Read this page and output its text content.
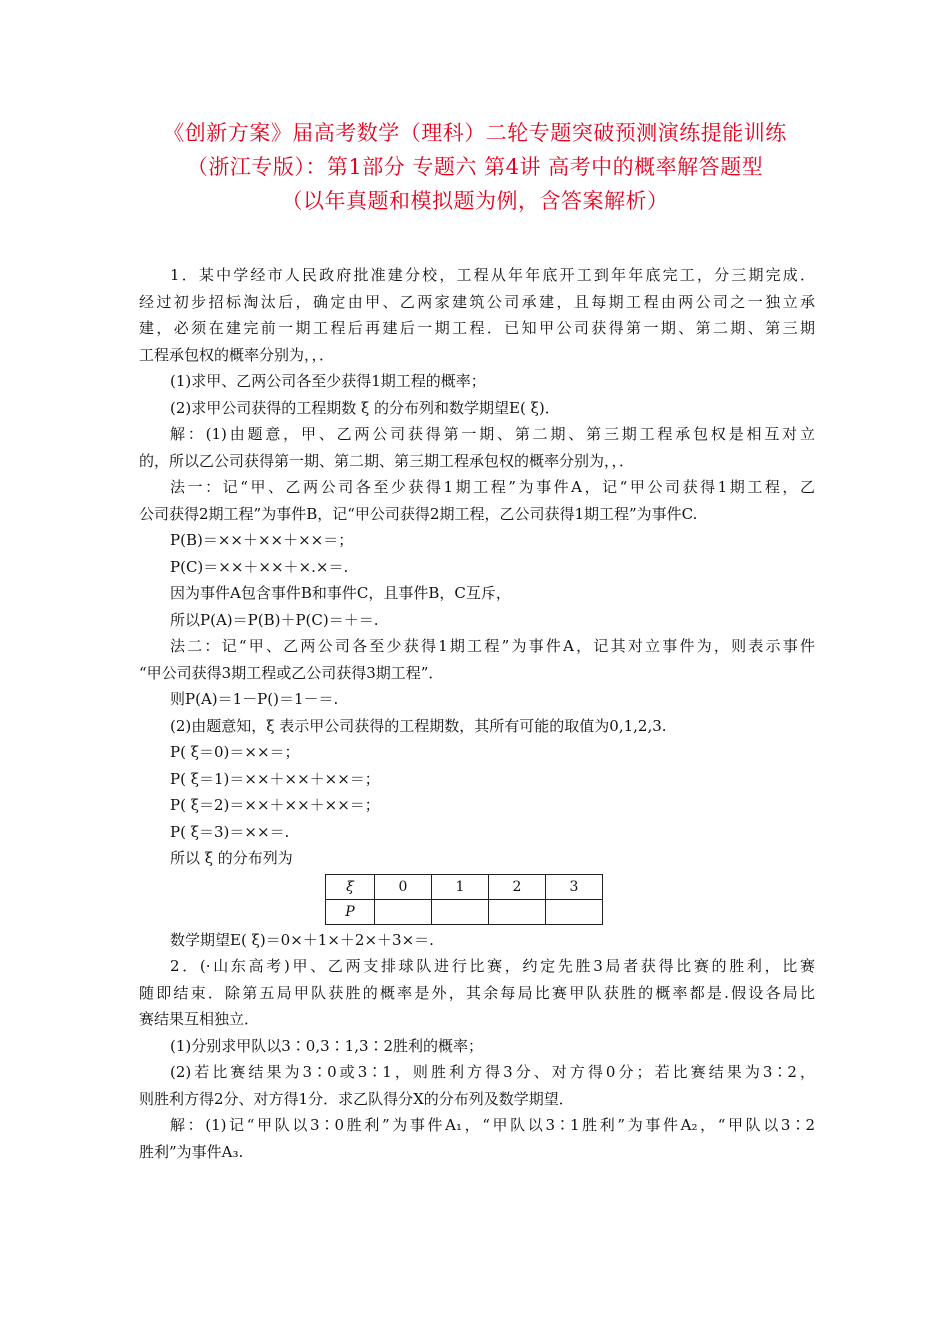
《创新方案》届高考数学（理科）二轮专题突破预测演练提能训练
（浙江专版）：第1部分 专题六 第4讲 高考中的概率解答题型
（以年真题和模拟题为例，含答案解析）

1．某中学经市人民政府批准建分校，工程从年年底开工到年年底完工，分三期完成．

经过初步招标淘汰后，确定由甲、乙两家建筑公司承建，且每期工程由两公司之一独立承

建，必须在建完前一期工程后再建后一期工程．已知甲公司获得第一期、第二期、第三期

工程承包权的概率分别为，，．

(1)求甲、乙两公司各至少获得1期工程的概率；

(2)求甲公司获得的工程期数 ξ 的分布列和数学期望E( ξ)．

解：(1)由题意，甲、乙两公司获得第一期、第二期、第三期工程承包权是相互对立

的，所以乙公司获得第一期、第二期、第三期工程承包权的概率分别为，，．

法一：记“甲、乙两公司各至少获得1期工程”为事件A，记“甲公司获得1期工程，乙

公司获得2期工程”为事件B，记“甲公司获得2期工程，乙公司获得1期工程”为事件C.

P(B)＝××＋××＋××＝；

P(C)＝××＋××＋×.×＝.

因为事件A包含事件B和事件C，且事件B，C互斥，

所以P(A)＝P(B)＋P(C)＝＋＝.

法二：记“甲、乙两公司各至少获得1期工程”为事件A，记其对立事件为，则表示事件

“甲公司获得3期工程或乙公司获得3期工程”．

则P(A)＝1－P()＝1－＝.

(2)由题意知，ξ 表示甲公司获得的工程期数，其所有可能的取值为0,1,2,3.

P( ξ＝0)＝××＝；

P( ξ＝1)＝××＋××＋××＝；

P( ξ＝2)＝××＋××＋××＝；

P( ξ＝3)＝××＝.

所以 ξ 的分布列为

ξ	0	1	2	3
P				

数学期望E( ξ)＝0×＋1×＋2×＋3×＝.

2．(·山东高考)甲、乙两支排球队进行比赛，约定先胜3局者获得比赛的胜利，比赛

随即结束．除第五局甲队获胜的概率是外，其余每局比赛甲队获胜的概率都是.假设各局比

赛结果互相独立．

(1)分别求甲队以3∶0,3∶1,3∶2胜利的概率；

(2)若比赛结果为3∶0或3∶1，则胜利方得3分、对方得0分；若比赛结果为3∶2，

则胜利方得2分、对方得1分．求乙队得分X的分布列及数学期望．

解：(1)记“甲队以3∶0胜利”为事件A₁，“甲队以3∶1胜利”为事件A₂，“甲队以3∶2

胜利”为事件A₃.
